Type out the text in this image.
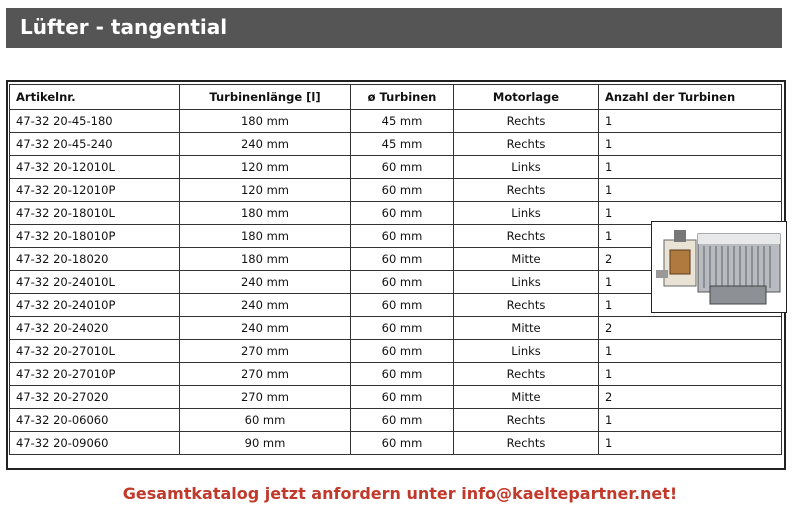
Lüfter - tangential
Artikelnr.	Turbinenlänge [l]	ø Turbinen	Motorlage	Anzahl der Turbinen
47-32 20-45-180	180 mm	45 mm	Rechts	1
47-32 20-45-240	240 mm	45 mm	Rechts	1
47-32 20-12010L	120 mm	60 mm	Links	1
47-32 20-12010P	120 mm	60 mm	Rechts	1
47-32 20-18010L	180 mm	60 mm	Links	1
47-32 20-18010P	180 mm	60 mm	Rechts	1
47-32 20-18020	180 mm	60 mm	Mitte	2
47-32 20-24010L	240 mm	60 mm	Links	1
47-32 20-24010P	240 mm	60 mm	Rechts	1
47-32 20-24020	240 mm	60 mm	Mitte	2
47-32 20-27010L	270 mm	60 mm	Links	1
47-32 20-27010P	270 mm	60 mm	Rechts	1
47-32 20-27020	270 mm	60 mm	Mitte	2
47-32 20-06060	60 mm	60 mm	Rechts	1
47-32 20-09060	90 mm	60 mm	Rechts	1
Gesamtkatalog jetzt anfordern unter info@kaeltepartner.net!
